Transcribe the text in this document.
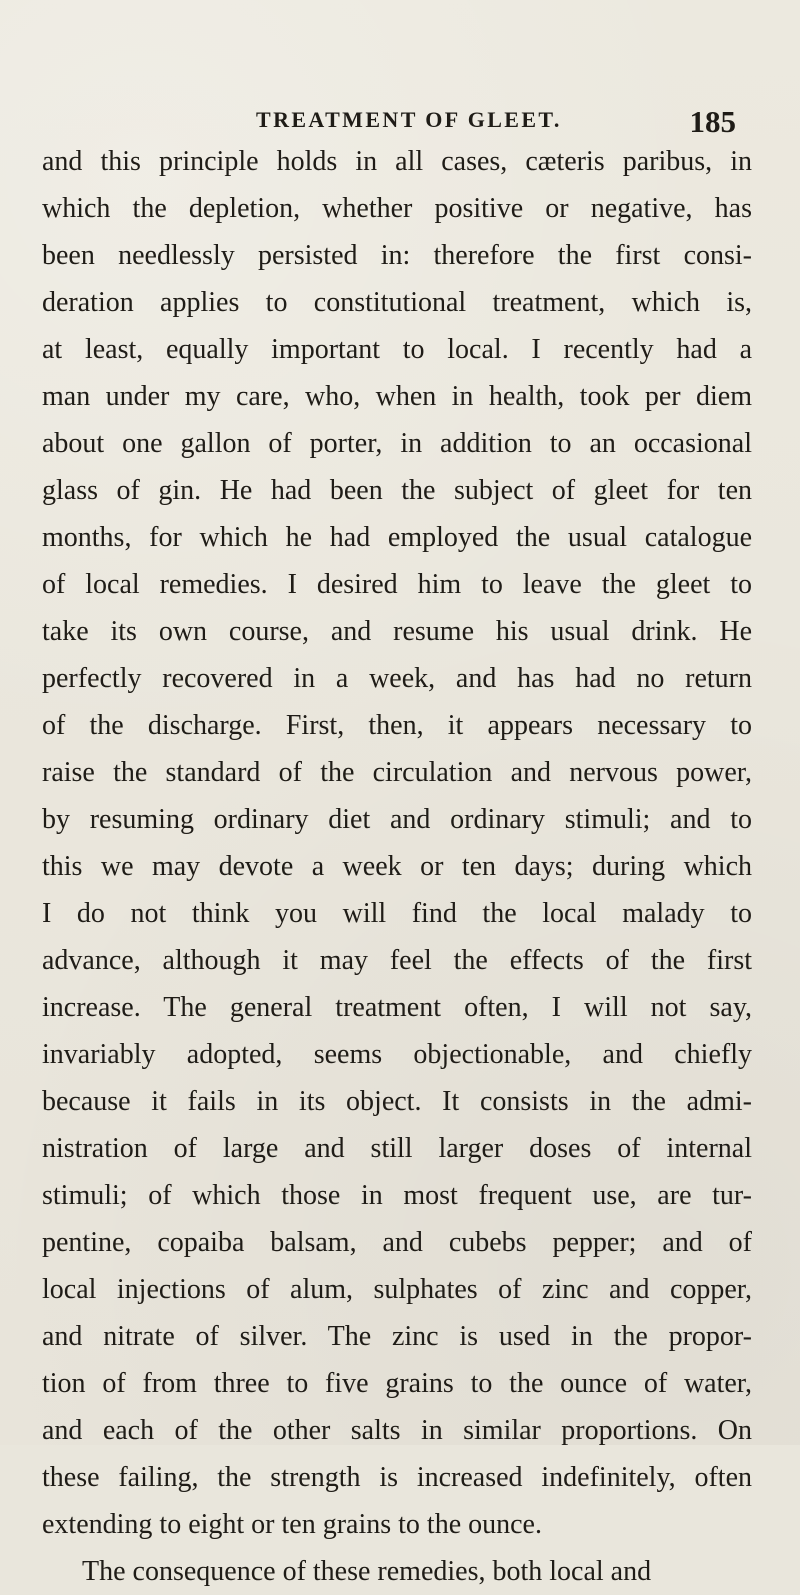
TREATMENT OF GLEET.	185
and this principle holds in all cases, cæteris paribus, in
which the depletion, whether positive or negative, has
been needlessly persisted in: therefore the first consi-
deration applies to constitutional treatment, which is,
at least, equally important to local. I recently had a
man under my care, who, when in health, took per diem
about one gallon of porter, in addition to an occasional
glass of gin. He had been the subject of gleet for ten
months, for which he had employed the usual catalogue
of local remedies. I desired him to leave the gleet to
take its own course, and resume his usual drink. He
perfectly recovered in a week, and has had no return
of the discharge. First, then, it appears necessary to
raise the standard of the circulation and nervous power,
by resuming ordinary diet and ordinary stimuli; and to
this we may devote a week or ten days; during which
I do not think you will find the local malady to
advance, although it may feel the effects of the first
increase. The general treatment often, I will not say,
invariably adopted, seems objectionable, and chiefly
because it fails in its object. It consists in the admi-
nistration of large and still larger doses of internal
stimuli; of which those in most frequent use, are tur-
pentine, copaiba balsam, and cubebs pepper; and of
local injections of alum, sulphates of zinc and copper,
and nitrate of silver. The zinc is used in the propor-
tion of from three to five grains to the ounce of water,
and each of the other salts in similar proportions. On
these failing, the strength is increased indefinitely, often
extending to eight or ten grains to the ounce.
The consequence of these remedies, both local and
